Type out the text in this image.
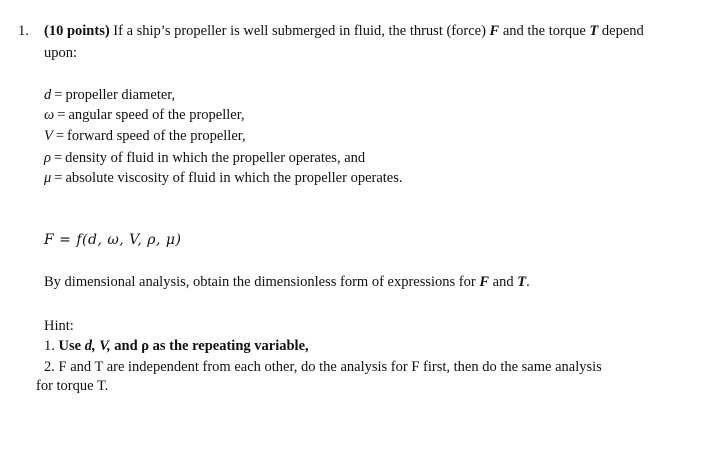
1. (10 points) If a ship’s propeller is well submerged in fluid, the thrust (force) F and the torque T depend
upon:
d = propeller diameter,
ω = angular speed of the propeller,
V = forward speed of the propeller,
ρ = density of fluid in which the propeller operates, and
μ = absolute viscosity of fluid in which the propeller operates.
F = f(d, ω, V, ρ, μ)
By dimensional analysis, obtain the dimensionless form of expressions for F and T.
Hint:
1. Use d, V, and ρ as the repeating variable,
2. F and T are independent from each other, do the analysis for F first, then do the same analysis
for torque T.
